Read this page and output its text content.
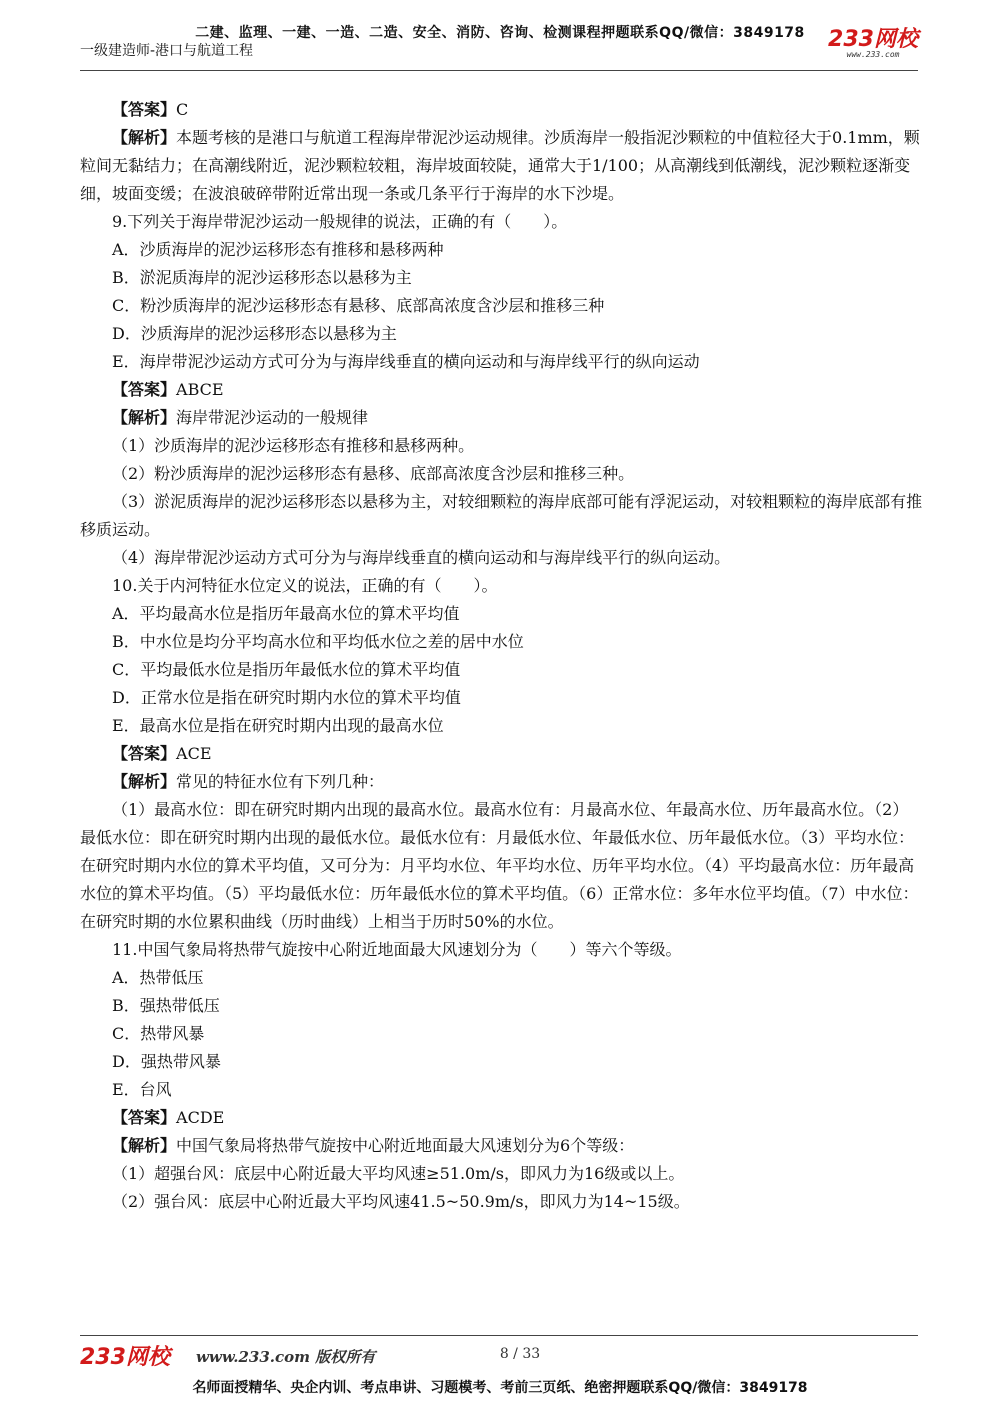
二建、监理、一建、一造、二造、安全、消防、咨询、检测课程押题联系QQ/微信：3849178
一级建造师-港口与航道工程	233网校
www.233.com

【答案】C

【解析】本题考核的是港口与航道工程海岸带泥沙运动规律。沙质海岸一般指泥沙颗粒的中值粒径大于0.1mm，颗粒间无黏结力；在高潮线附近，泥沙颗粒较粗，海岸坡面较陡，通常大于1/100；从高潮线到低潮线，泥沙颗粒逐渐变细，坡面变缓；在波浪破碎带附近常出现一条或几条平行于海岸的水下沙堤。

9.下列关于海岸带泥沙运动一般规律的说法，正确的有（　　）。

A．沙质海岸的泥沙运移形态有推移和悬移两种

B．淤泥质海岸的泥沙运移形态以悬移为主

C．粉沙质海岸的泥沙运移形态有悬移、底部高浓度含沙层和推移三种

D．沙质海岸的泥沙运移形态以悬移为主

E．海岸带泥沙运动方式可分为与海岸线垂直的横向运动和与海岸线平行的纵向运动

【答案】ABCE

【解析】海岸带泥沙运动的一般规律

（1）沙质海岸的泥沙运移形态有推移和悬移两种。

（2）粉沙质海岸的泥沙运移形态有悬移、底部高浓度含沙层和推移三种。

（3）淤泥质海岸的泥沙运移形态以悬移为主，对较细颗粒的海岸底部可能有浮泥运动，对较粗颗粒的海岸底部有推移质运动。

（4）海岸带泥沙运动方式可分为与海岸线垂直的横向运动和与海岸线平行的纵向运动。

10.关于内河特征水位定义的说法，正确的有（　　）。

A．平均最高水位是指历年最高水位的算术平均值

B．中水位是均分平均高水位和平均低水位之差的居中水位

C．平均最低水位是指历年最低水位的算术平均值

D．正常水位是指在研究时期内水位的算术平均值

E．最高水位是指在研究时期内出现的最高水位

【答案】ACE

【解析】常见的特征水位有下列几种：

（1）最高水位：即在研究时期内出现的最高水位。最高水位有：月最高水位、年最高水位、历年最高水位。（2）最低水位：即在研究时期内出现的最低水位。最低水位有：月最低水位、年最低水位、历年最低水位。（3）平均水位：在研究时期内水位的算术平均值，又可分为：月平均水位、年平均水位、历年平均水位。（4）平均最高水位：历年最高水位的算术平均值。（5）平均最低水位：历年最低水位的算术平均值。（6）正常水位：多年水位平均值。（7）中水位：在研究时期的水位累积曲线（历时曲线）上相当于历时50%的水位。

11.中国气象局将热带气旋按中心附近地面最大风速划分为（　　）等六个等级。

A．热带低压

B．强热带低压

C．热带风暴

D．强热带风暴

E．台风

【答案】ACDE

【解析】中国气象局将热带气旋按中心附近地面最大风速划分为6个等级：

（1）超强台风：底层中心附近最大平均风速≥51.0m/s，即风力为16级或以上。

（2）强台风：底层中心附近最大平均风速41.5~50.9m/s，即风力为14~15级。

233网校 www.233.com 版权所有	8 / 33
名师面授精华、央企内训、考点串讲、习题模考、考前三页纸、绝密押题联系QQ/微信：3849178
